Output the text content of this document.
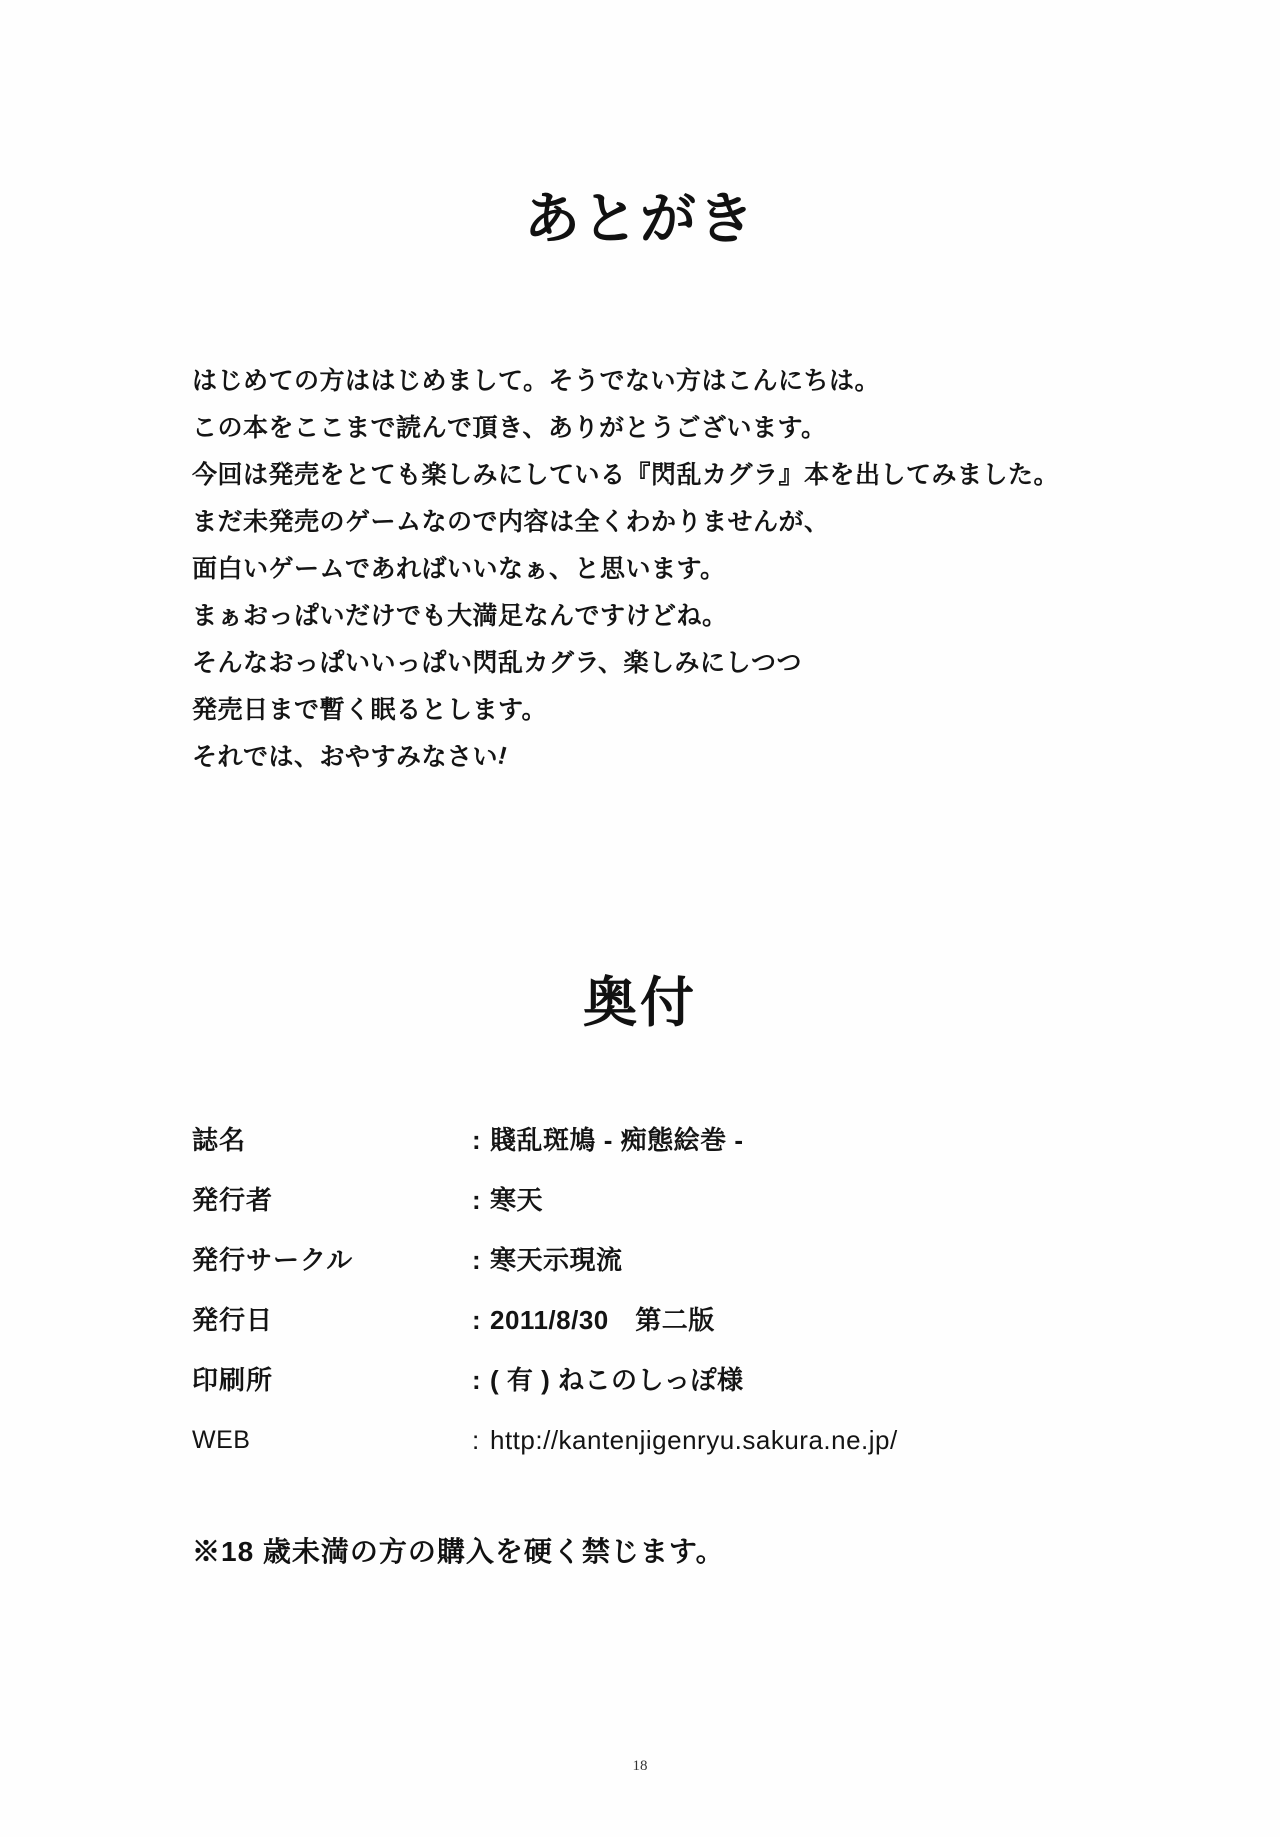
あとがき

はじめての方ははじめまして。そうでない方はこんにちは。

この本をここまで読んで頂き、ありがとうございます。

今回は発売をとても楽しみにしている『閃乱カグラ』本を出してみました。

まだ未発売のゲームなので内容は全くわかりませんが、

面白いゲームであればいいなぁ、と思います。

まぁおっぱいだけでも大満足なんですけどね。

そんなおっぱいいっぱい閃乱カグラ、楽しみにしつつ

発売日まで暫く眠るとします。

それでは、おやすみなさい!

奥付
誌名	: 賤乱斑鳩 - 痴態絵巻 -
発行者	: 寒天
発行サークル	: 寒天示現流
発行日	: 2011/8/30　第二版
印刷所	: ( 有 ) ねこのしっぽ様
WEB	: http://kantenjigenryu.sakura.ne.jp/
※18 歳未満の方の購入を硬く禁じます。
18
